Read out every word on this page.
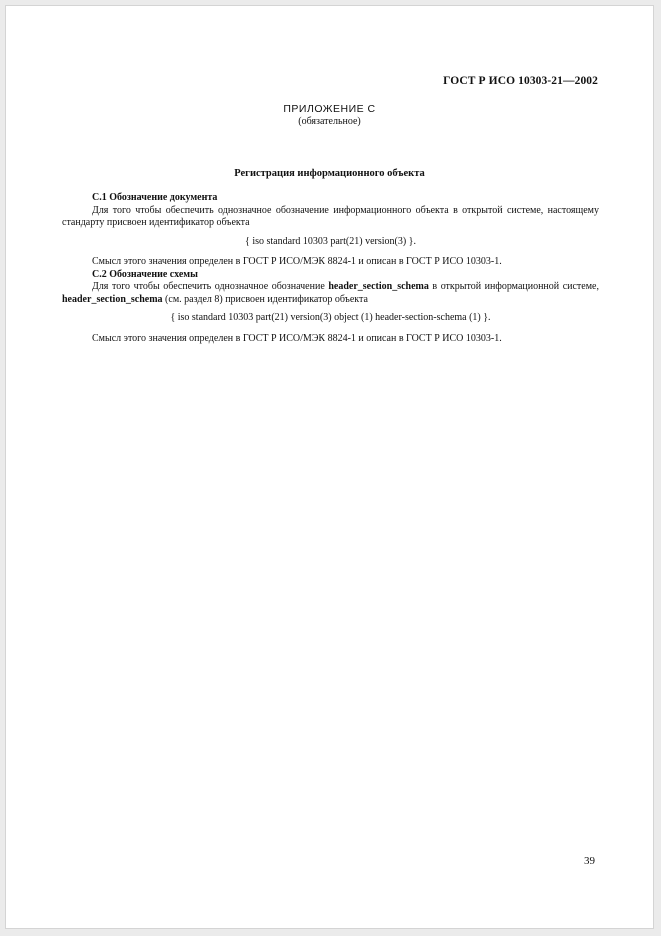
ГОСТ Р ИСО 10303-21—2002
ПРИЛОЖЕНИЕ С
(обязательное)
Регистрация информационного объекта

С.1 Обозначение документа

Для того чтобы обеспечить однозначное обозначение информационного объекта в открытой системе, настоящему стандарту присвоен идентификатор объекта

{ iso standard 10303 part(21) version(3) }.

Смысл этого значения определен в ГОСТ Р ИСО/МЭК 8824-1 и описан в ГОСТ Р ИСО 10303-1.

С.2 Обозначение схемы

Для того чтобы обеспечить однозначное обозначение header_section_schema в открытой информационной системе, header_section_schema (см. раздел 8) присвоен идентификатор объекта

{ iso standard 10303 part(21) version(3) object (1) header-section-schema (1) }.

Смысл этого значения определен в ГОСТ Р ИСО/МЭК 8824-1 и описан в ГОСТ Р ИСО 10303-1.

39
